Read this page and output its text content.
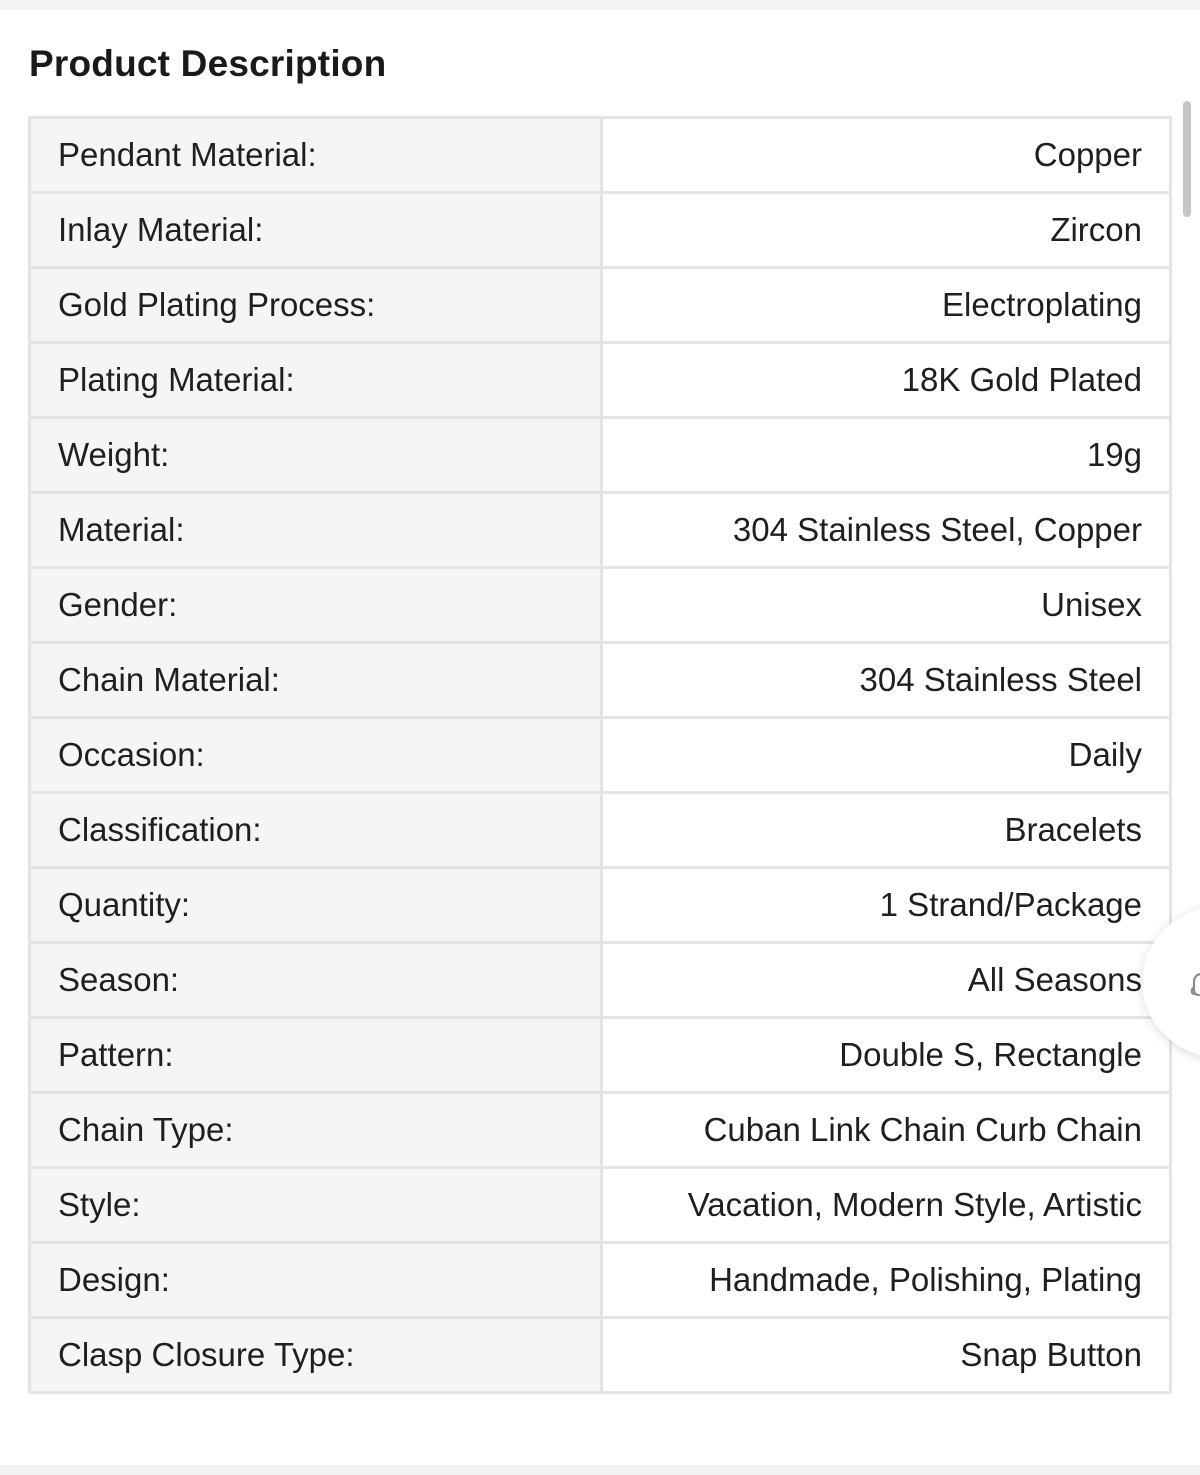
Product Description
Pendant Material:	Copper
Inlay Material:	Zircon
Gold Plating Process:	Electroplating
Plating Material:	18K Gold Plated
Weight:	19g
Material:	304 Stainless Steel, Copper
Gender:	Unisex
Chain Material:	304 Stainless Steel
Occasion:	Daily
Classification:	Bracelets
Quantity:	1 Strand/Package
Season:	All Seasons
Pattern:	Double S, Rectangle
Chain Type:	Cuban Link Chain Curb Chain
Style:	Vacation, Modern Style, Artistic
Design:	Handmade, Polishing, Plating
Clasp Closure Type:	Snap Button
